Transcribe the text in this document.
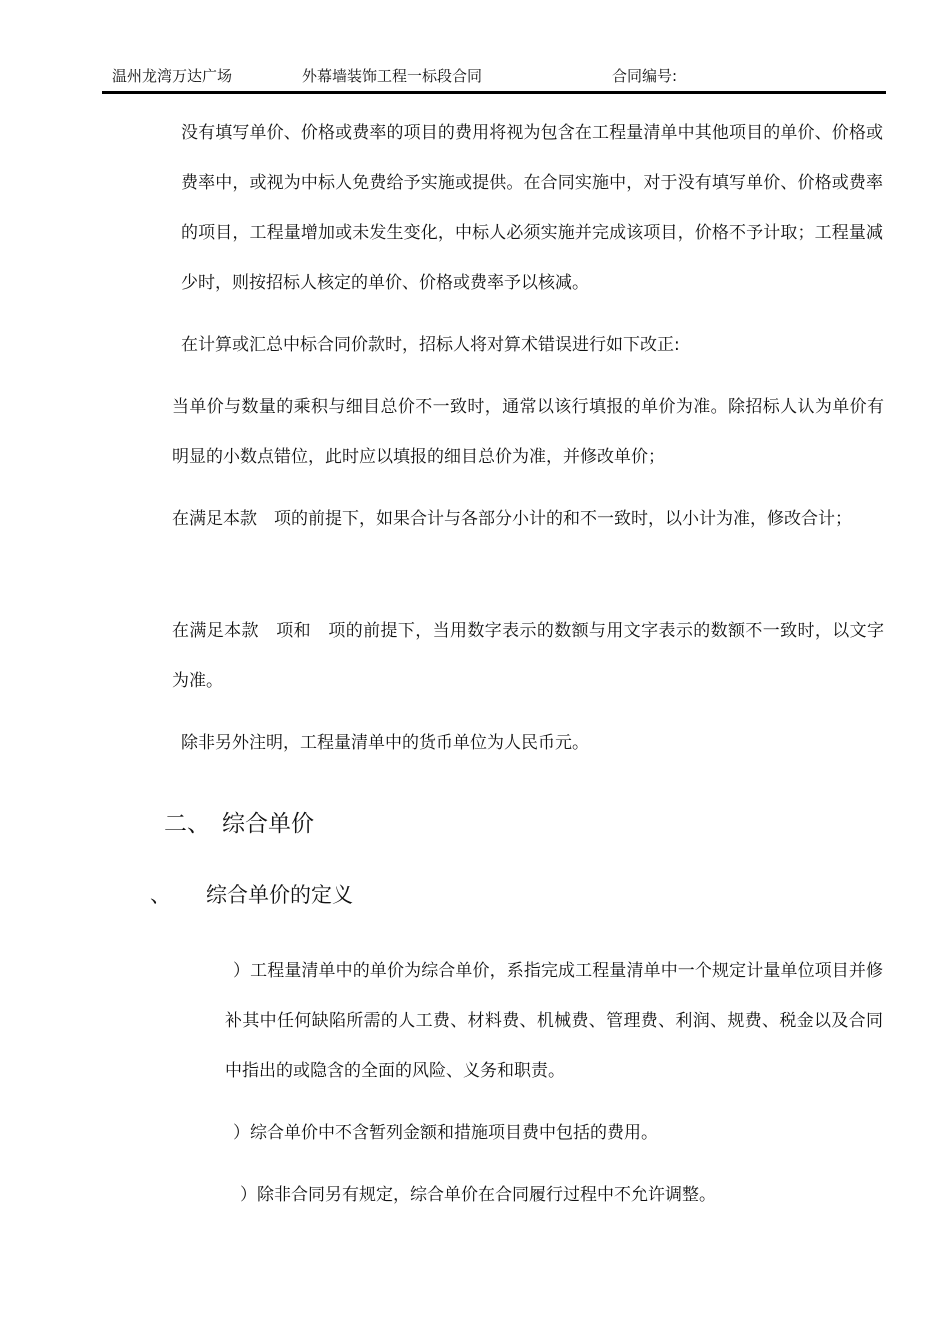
温州龙湾万达广场	外幕墙装饰工程一标段合同	合同编号:

没有填写单价、价格或费率的项目的费用将视为包含在工程量清单中其他项目的单价、价格或费率中，或视为中标人免费给予实施或提供。在合同实施中，对于没有填写单价、价格或费率的项目，工程量增加或未发生变化，中标人必须实施并完成该项目，价格不予计取；工程量减少时，则按招标人核定的单价、价格或费率予以核减。

在计算或汇总中标合同价款时，招标人将对算术错误进行如下改正:

当单价与数量的乘积与细目总价不一致时，通常以该行填报的单价为准。除招标人认为单价有明显的小数点错位，此时应以填报的细目总价为准，并修改单价；

在满足本款　项的前提下，如果合计与各部分小计的和不一致时，以小计为准，修改合计；

在满足本款　项和　项的前提下，当用数字表示的数额与用文字表示的数额不一致时，以文字为准。

除非另外注明，工程量清单中的货币单位为人民币元。

二、 综合单价
、 综合单价的定义

）工程量清单中的单价为综合单价，系指完成工程量清单中一个规定计量单位项目并修补其中任何缺陷所需的人工费、材料费、机械费、管理费、利润、规费、税金以及合同中指出的或隐含的全面的风险、义务和职责。

）综合单价中不含暂列金额和措施项目费中包括的费用。

）除非合同另有规定，综合单价在合同履行过程中不允许调整。
